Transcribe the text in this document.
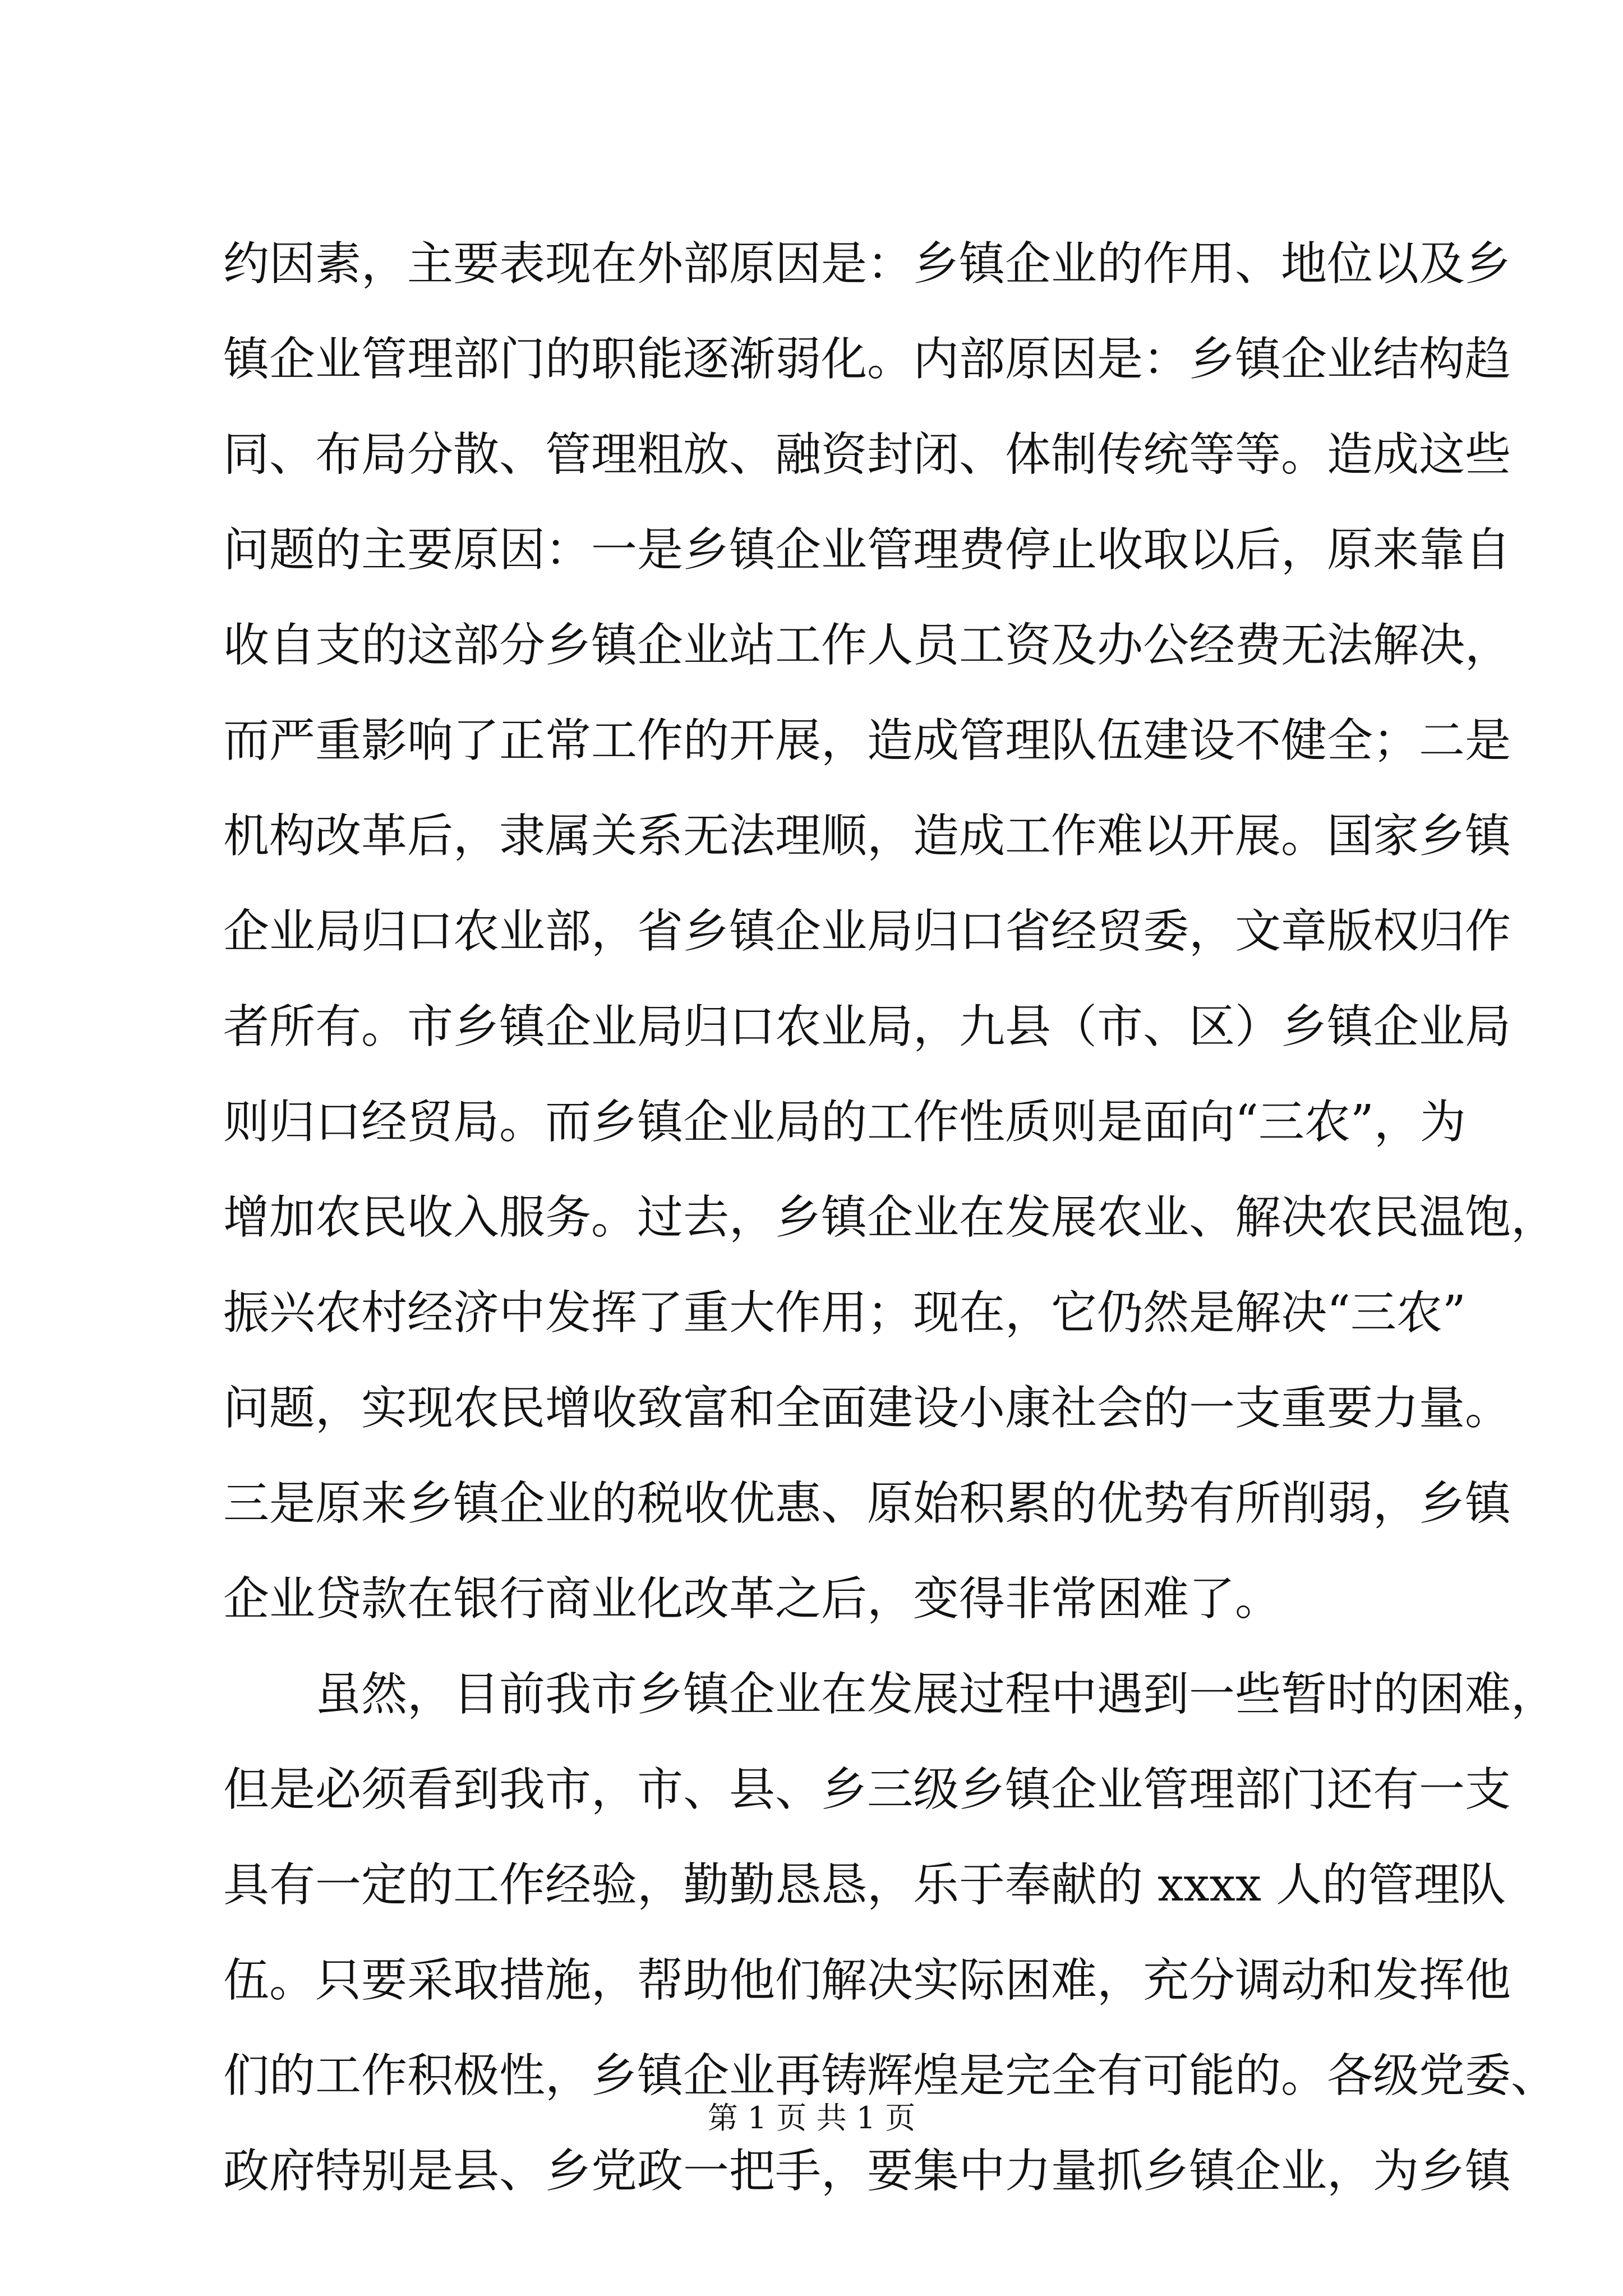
约因素，主要表现在外部原因是：乡镇企业的作用、地位以及乡
镇企业管理部门的职能逐渐弱化。内部原因是：乡镇企业结构趋
同、布局分散、管理粗放、融资封闭、体制传统等等。造成这些
问题的主要原因：一是乡镇企业管理费停止收取以后，原来靠自
收自支的这部分乡镇企业站工作人员工资及办公经费无法解决，
而严重影响了正常工作的开展，造成管理队伍建设不健全；二是
机构改革后，隶属关系无法理顺，造成工作难以开展。国家乡镇
企业局归口农业部，省乡镇企业局归口省经贸委，文章版权归作
者所有。市乡镇企业局归口农业局，九县（市、区）乡镇企业局
则归口经贸局。而乡镇企业局的工作性质则是面向“三农”，为
增加农民收入服务。过去，乡镇企业在发展农业、解决农民温饱，
振兴农村经济中发挥了重大作用；现在，它仍然是解决“三农”
问题，实现农民增收致富和全面建设小康社会的一支重要力量。
三是原来乡镇企业的税收优惠、原始积累的优势有所削弱，乡镇
企业贷款在银行商业化改革之后，变得非常困难了。
　　虽然，目前我市乡镇企业在发展过程中遇到一些暂时的困难，
但是必须看到我市，市、县、乡三级乡镇企业管理部门还有一支
具有一定的工作经验，勤勤恳恳，乐于奉献的 xxxx 人的管理队
伍。只要采取措施，帮助他们解决实际困难，充分调动和发挥他
们的工作积极性，乡镇企业再铸辉煌是完全有可能的。各级党委、
政府特别是县、乡党政一把手，要集中力量抓乡镇企业，为乡镇
第 1 页 共 1 页
